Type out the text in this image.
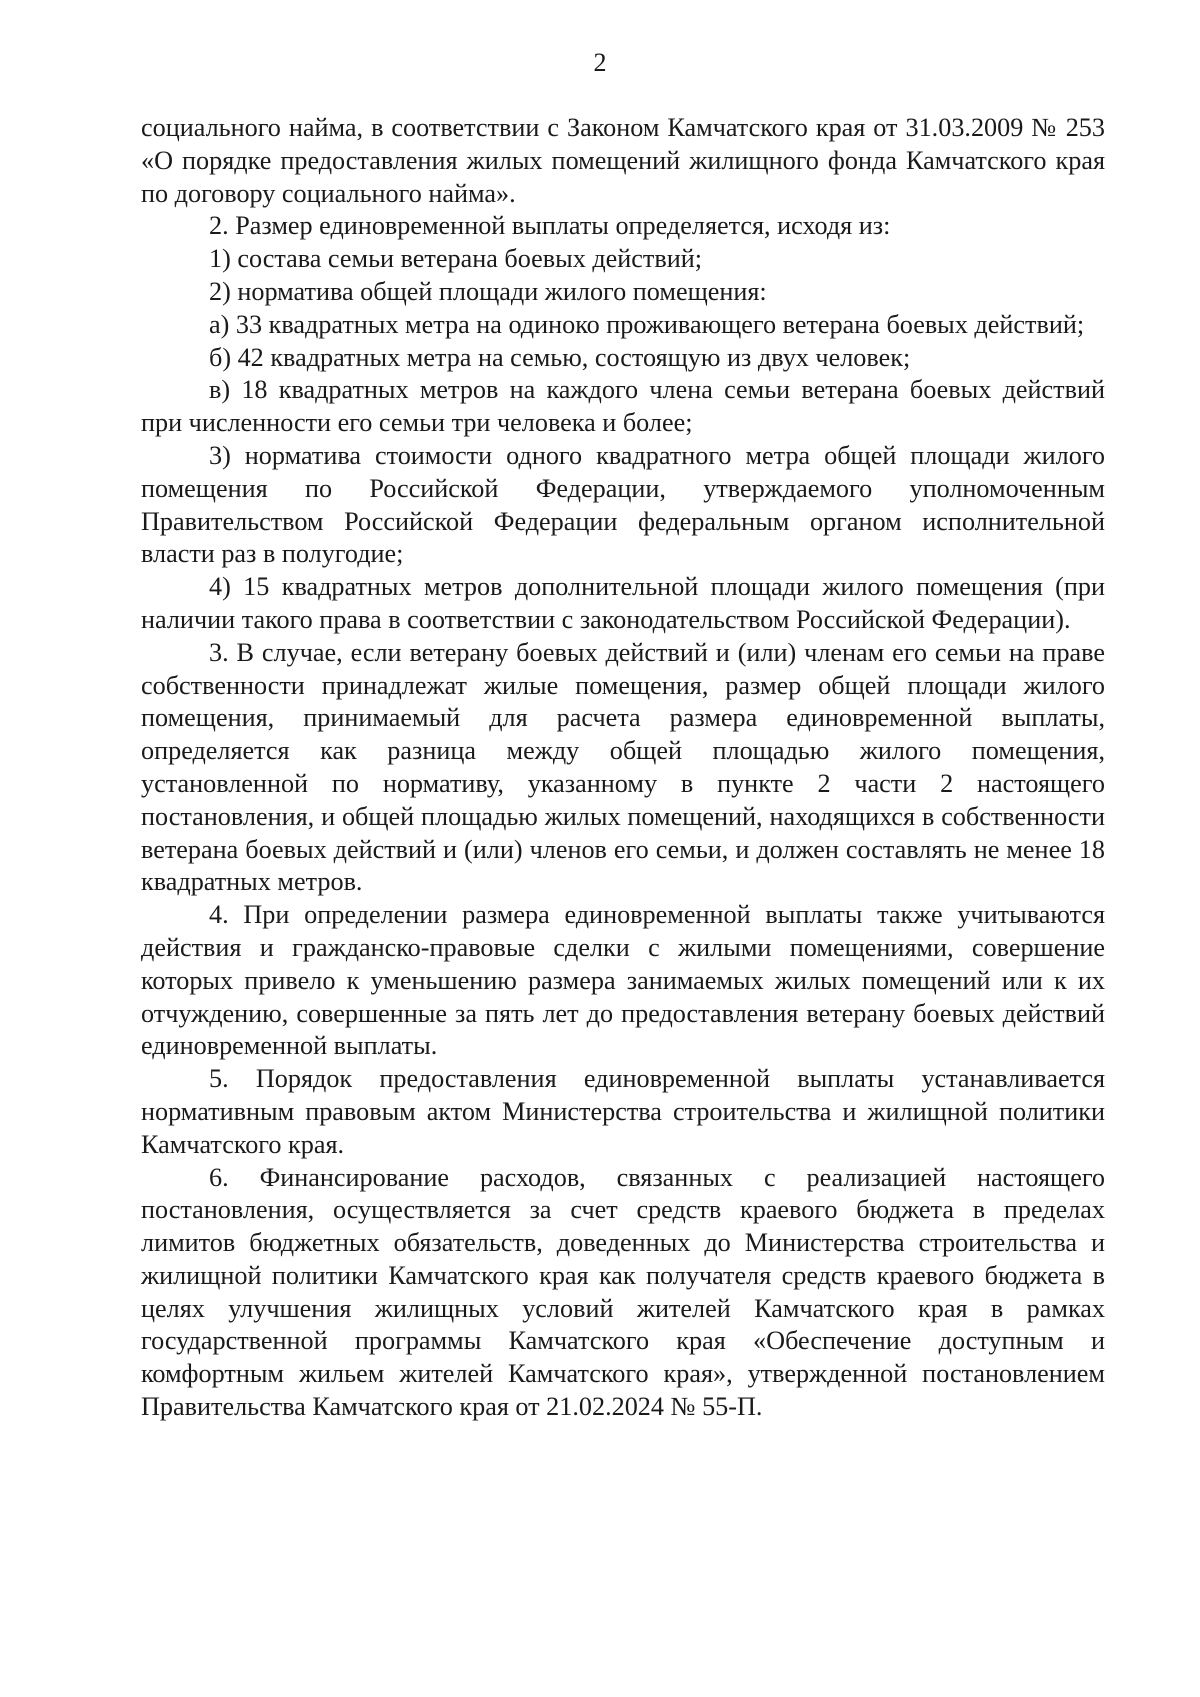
2

социального найма, в соответствии с Законом Камчатского края от 31.03.2009 № 253 «О порядке предоставления жилых помещений жилищного фонда Камчатского края по договору социального найма».

2. Размер единовременной выплаты определяется, исходя из:

1) состава семьи ветерана боевых действий;

2) норматива общей площади жилого помещения:

а) 33 квадратных метра на одиноко проживающего ветерана боевых действий;

б) 42 квадратных метра на семью, состоящую из двух человек;

в) 18 квадратных метров на каждого члена семьи ветерана боевых действий при численности его семьи три человека и более;

3) норматива стоимости одного квадратного метра общей площади жилого помещения по Российской Федерации, утверждаемого уполномоченным Правительством Российской Федерации федеральным органом исполнительной власти раз в полугодие;

4) 15 квадратных метров дополнительной площади жилого помещения (при наличии такого права в соответствии с законодательством Российской Федерации).

3. В случае, если ветерану боевых действий и (или) членам его семьи на праве собственности принадлежат жилые помещения, размер общей площади жилого помещения, принимаемый для расчета размера единовременной выплаты, определяется как разница между общей площадью жилого помещения, установленной по нормативу, указанному в пункте 2 части 2 настоящего постановления, и общей площадью жилых помещений, находящихся в собственности ветерана боевых действий и (или) членов его семьи, и должен составлять не менее 18 квадратных метров.

4. При определении размера единовременной выплаты также учитываются действия и гражданско-правовые сделки с жилыми помещениями, совершение которых привело к уменьшению размера занимаемых жилых помещений или к их отчуждению, совершенные за пять лет до предоставления ветерану боевых действий единовременной выплаты.

5. Порядок предоставления единовременной выплаты устанавливается нормативным правовым актом Министерства строительства и жилищной политики Камчатского края.

6. Финансирование расходов, связанных с реализацией настоящего постановления, осуществляется за счет средств краевого бюджета в пределах лимитов бюджетных обязательств, доведенных до Министерства строительства и жилищной политики Камчатского края как получателя средств краевого бюджета в целях улучшения жилищных условий жителей Камчатского края в рамках государственной программы Камчатского края «Обеспечение доступным и комфортным жильем жителей Камчатского края», утвержденной постановлением Правительства Камчатского края от 21.02.2024 № 55-П.
